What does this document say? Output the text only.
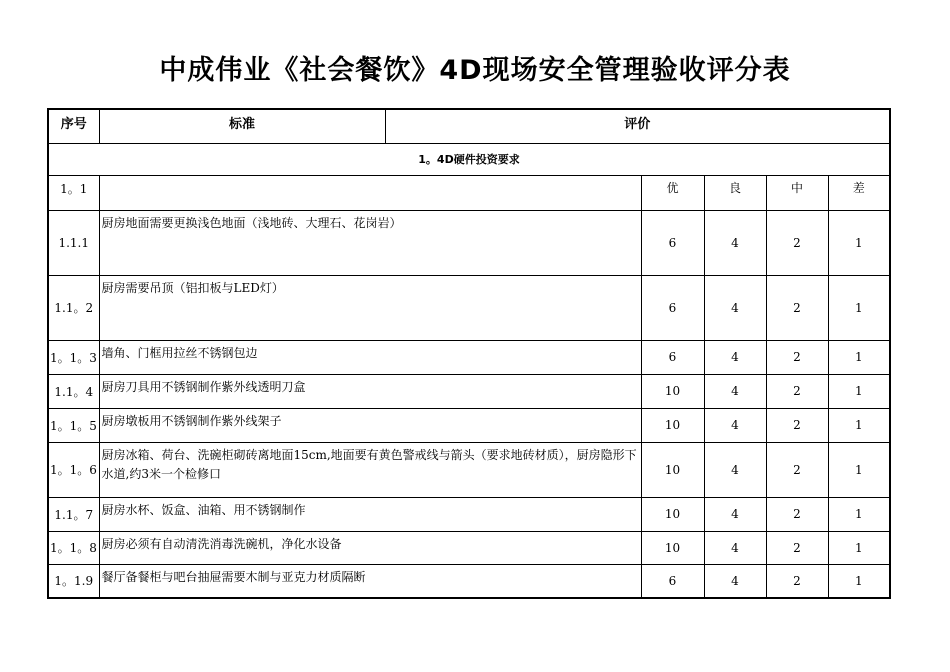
中成伟业《社会餐饮》4D现场安全管理验收评分表
序号	标准	评价				
1。4D硬件投资要求						
1。1			优	良	中	差
1.1.1	厨房地面需要更换浅色地面（浅地砖、大理石、花岗岩）		6	4	2	1
1.1。2	厨房需要吊顶（铝扣板与LED灯）		6	4	2	1
1。1。3	墙角、门框用拉丝不锈钢包边		6	4	2	1
1.1。4	厨房刀具用不锈钢制作紫外线透明刀盒		10	4	2	1
1。1。5	厨房墩板用不锈钢制作紫外线架子		10	4	2	1
1。1。6	厨房冰箱、荷台、洗碗柜砌砖离地面15cm,地面要有黄色警戒线与箭头（要求地砖材质），厨房隐形下水道,约3米一个检修口		10	4	2	1
1.1。7	厨房水杯、饭盒、油箱、用不锈钢制作		10	4	2	1
1。1。8	厨房必须有自动清洗消毒洗碗机，净化水设备		10	4	2	1
1。1.9	餐厅备餐柜与吧台抽屉需要木制与亚克力材质隔断		6	4	2	1
